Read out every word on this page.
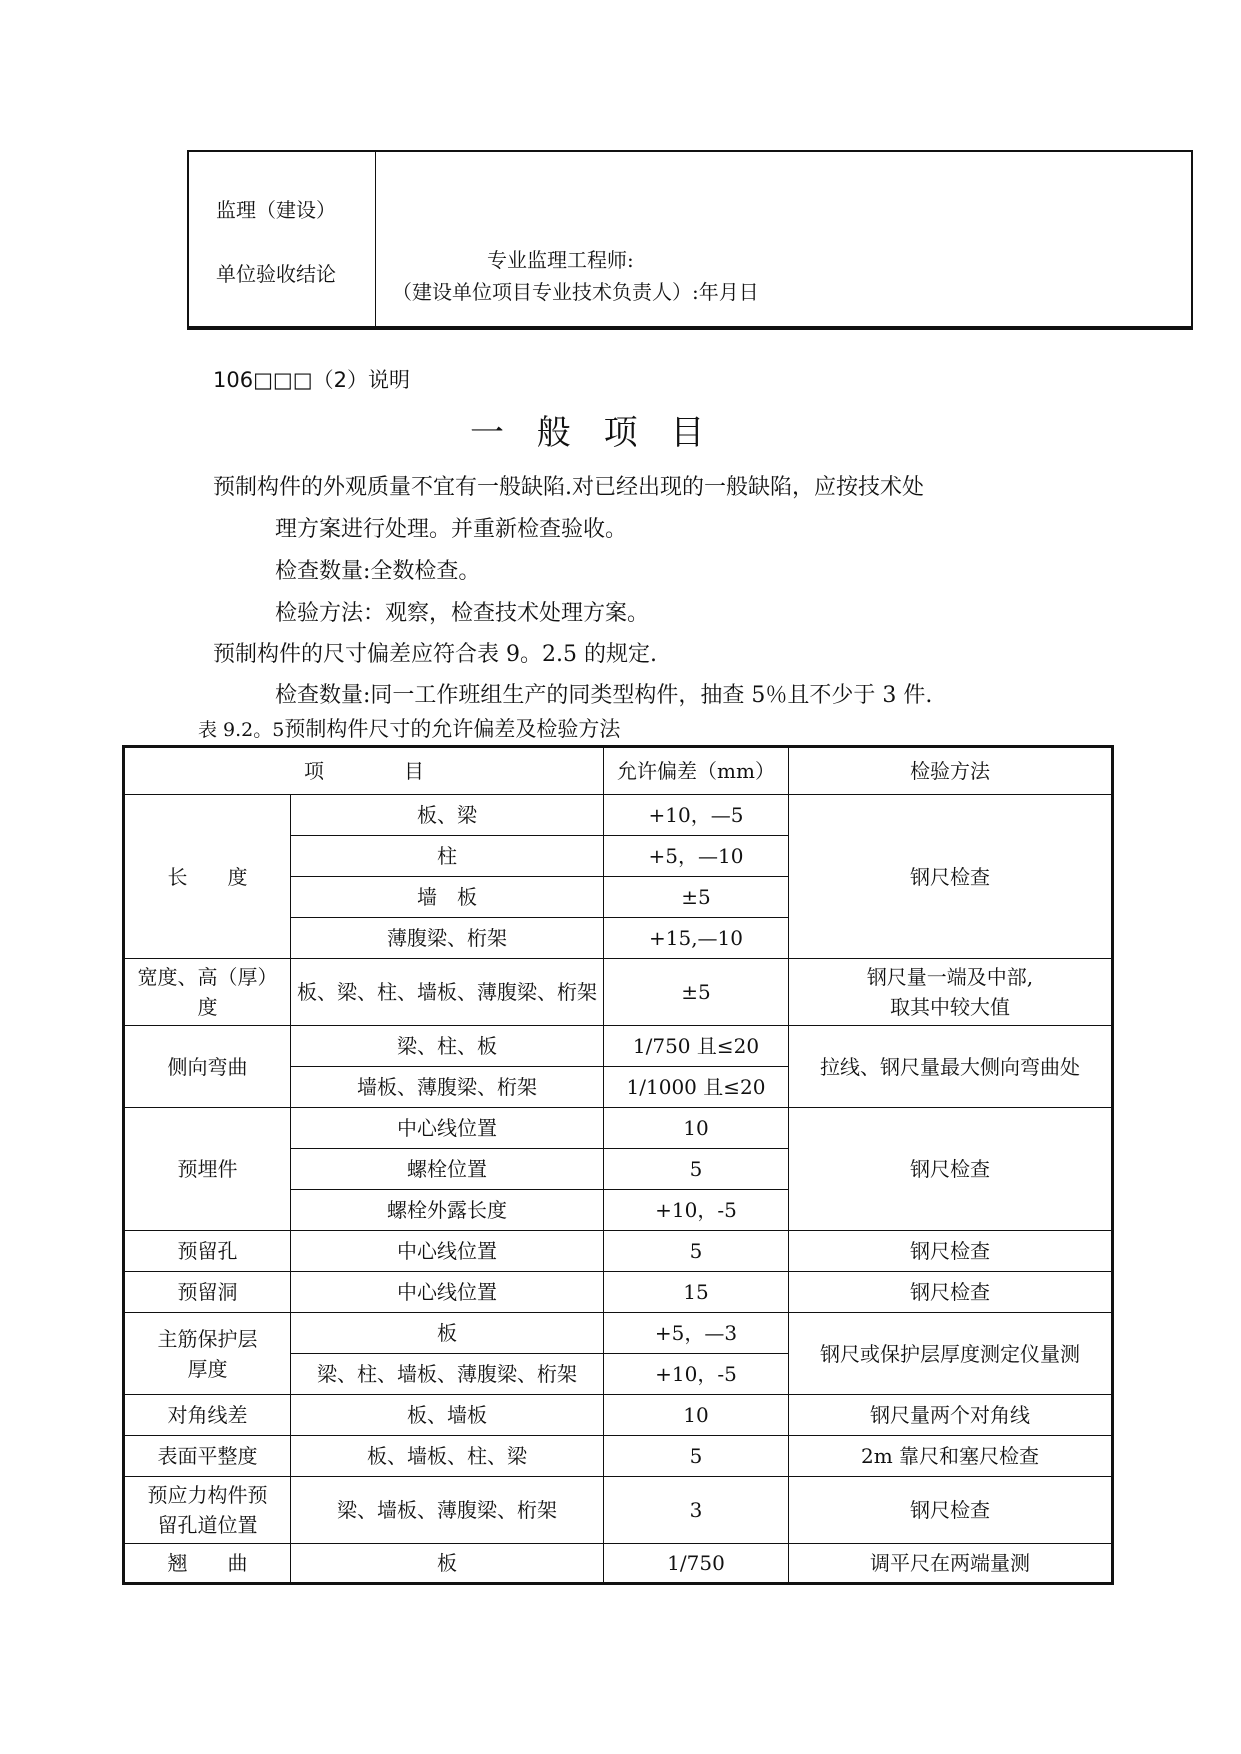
监理（建设）
单位验收结论
专业监理工程师:
（建设单位项目专业技术负责人）:年月日
106□□□（2）说明
一 般 项 目
预制构件的外观质量不宜有一般缺陷.对已经出现的一般缺陷，应按技术处
理方案进行处理。并重新检查验收。
检查数量:全数检查。
检验方法：观察，检查技术处理方案。
预制构件的尺寸偏差应符合表 9。2.5 的规定.
检查数量:同一工作班组生产的同类型构件，抽查 5％且不少于 3 件.
表 9.2。5预制构件尺寸的允许偏差及检验方法
项　　　　目		允许偏差（mm）	检验方法
长　　度	板、梁	+10，—5	钢尺检查
	柱	+5，—10	
	墙　板	±5	
	薄腹梁、桁架	+15,—10	
宽度、高（厚）度	板、梁、柱、墙板、薄腹梁、桁架	±5	钢尺量一端及中部,
取其中较大值
侧向弯曲	梁、柱、板	1/750 且≤20	拉线、钢尺量最大侧向弯曲处
	墙板、薄腹梁、桁架	1/1000 且≤20	
预埋件	中心线位置	10	钢尺检查
	螺栓位置	5	
	螺栓外露长度	+10，-5	
预留孔	中心线位置	5	钢尺检查
预留洞	中心线位置	15	钢尺检查
主筋保护层
厚度	板	+5，—3	钢尺或保护层厚度测定仪量测
	梁、柱、墙板、薄腹梁、桁架	+10，-5	
对角线差	板、墙板	10	钢尺量两个对角线
表面平整度	板、墙板、柱、梁	5	2m 靠尺和塞尺检查
预应力构件预
留孔道位置	梁、墙板、薄腹梁、桁架	3	钢尺检查
翘　　曲	板	1/750	调平尺在两端量测
